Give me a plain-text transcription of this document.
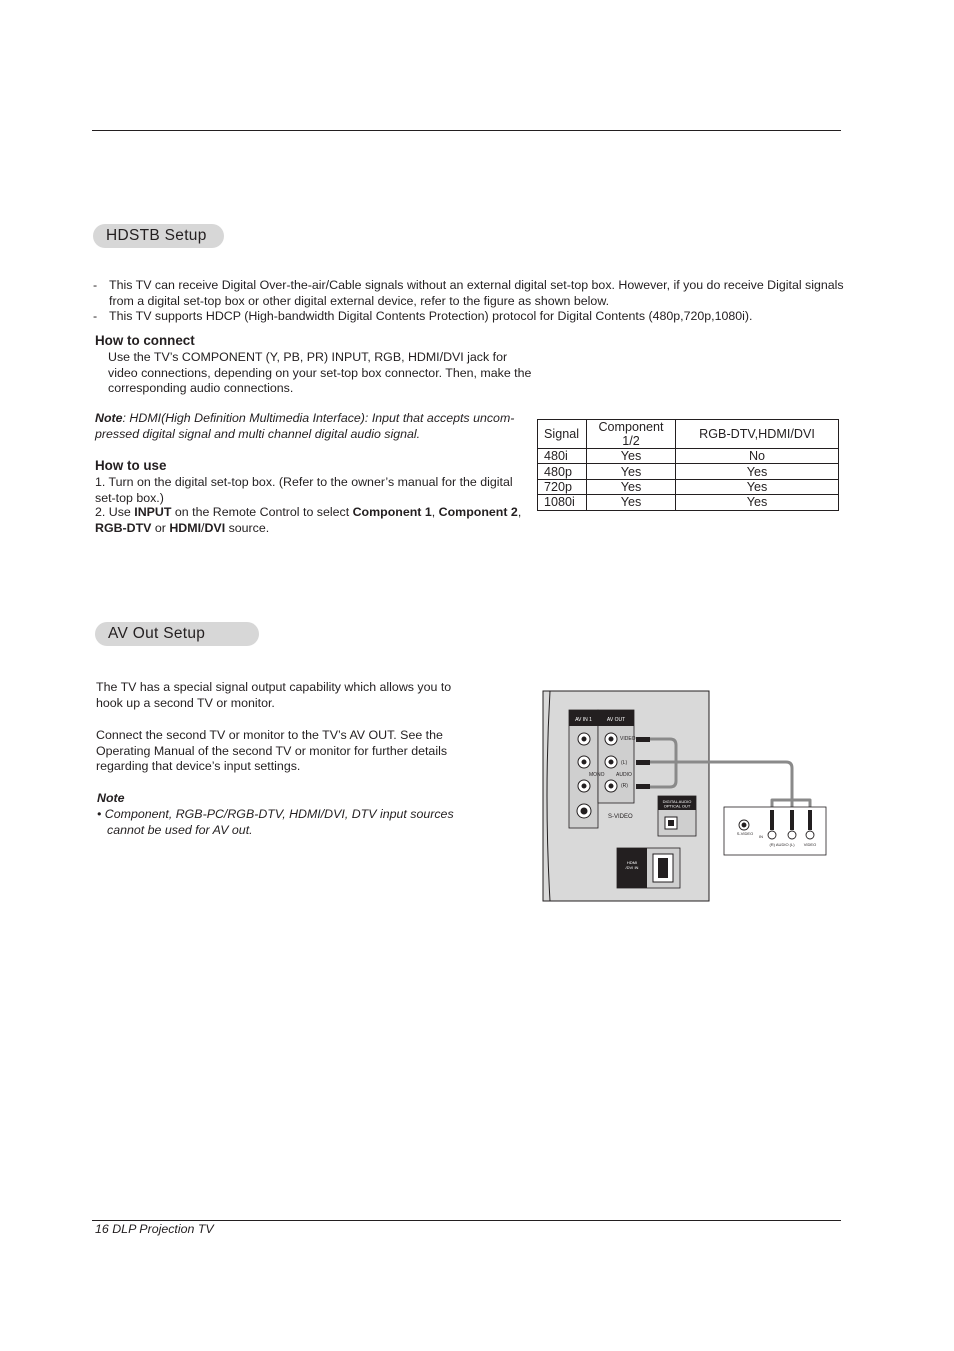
HDSTB Setup
- This TV can receive Digital Over-the-air/Cable signals without an external digital set-top box. However, if you do receive Digital signals from a digital set-top box or other digital external device, refer to the figure as shown below.
- This TV supports HDCP (High-bandwidth Digital Contents Protection) protocol for Digital Contents (480p,720p,1080i).
How to connect
Use the TV’s COMPONENT (Y, PB, PR) INPUT, RGB, HDMI/DVI jack for video connections, depending on your set-top box connector. Then, make the corresponding audio connections.
Note: HDMI(High Definition Multimedia Interface): Input that accepts uncom-pressed digital signal and multi channel digital audio signal.
How to use
1. Turn on the digital set-top box. (Refer to the owner’s manual for the digital set-top box.)
2. Use INPUT on the Remote Control to select Component 1, Component 2, RGB-DTV or HDMI/DVI source.
Signal	Component 1/2	RGB-DTV,HDMI/DVI
480i	Yes	No
480p	Yes	Yes
720p	Yes	Yes
1080i	Yes	Yes
AV Out Setup
The TV has a special signal output capability which allows you to hook up a second TV or monitor.
Connect the second TV or monitor to the TV’s AV OUT. See the Operating Manual of the second TV or monitor for further details regarding that device’s input settings.
Note
• Component, RGB-PC/RGB-DTV, HDMI/DVI, DTV input sources cannot be used for AV out.
AV IN 1	AV OUT
VIDEO
(L)
(R)
MONO AUDIO
S-VIDEO
DIGITAL AUDIO
OPTICAL OUT
HDMI
/DVI IN
S-VIDEO
IN
(R) AUDIO (L) VIDEO
16 DLP Projection TV
